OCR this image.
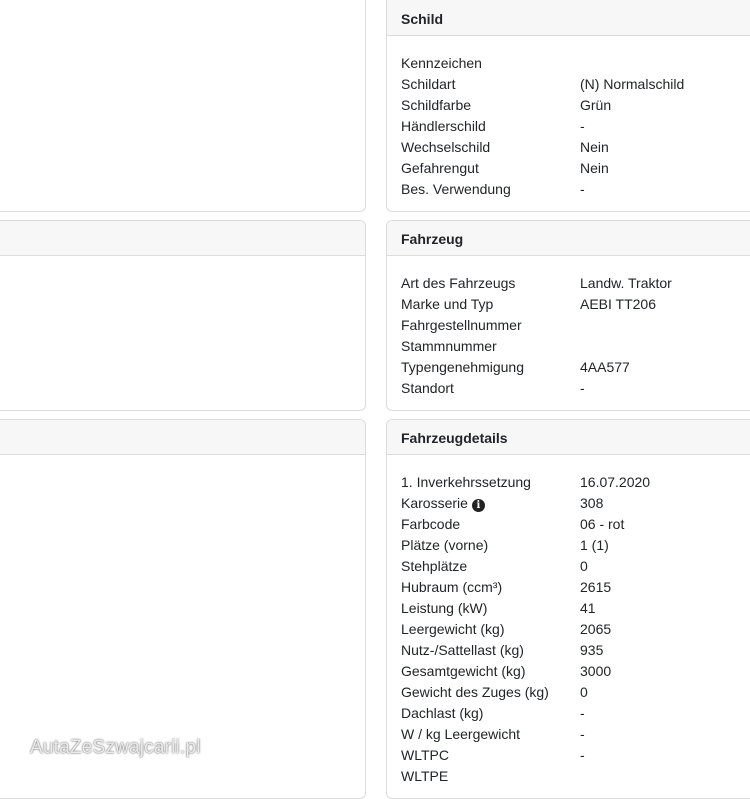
Schild
Kennzeichen
Schildart	(N) Normalschild
Schildfarbe	Grün
Händlerschild	-
Wechselschild	Nein
Gefahrengut	Nein
Bes. Verwendung	-
Fahrzeug
Art des Fahrzeugs	Landw. Traktor
Marke und Typ	AEBI TT206
Fahrgestellnummer
Stammnummer
Typengenehmigung	4AA577
Standort	-
Fahrzeugdetails
1. Inverkehrssetzung	16.07.2020
Karosserie i	308
Farbcode	06 - rot
Plätze (vorne)	1 (1)
Stehplätze	0
Hubraum (ccm³)	2615
Leistung (kW)	41
Leergewicht (kg)	2065
Nutz-/Sattellast (kg)	935
Gesamtgewicht (kg)	3000
Gewicht des Zuges (kg)	0
Dachlast (kg)	-
W / kg Leergewicht	-
WLTPC	-
WLTPE
AutaZeSzwajcarii.pl
